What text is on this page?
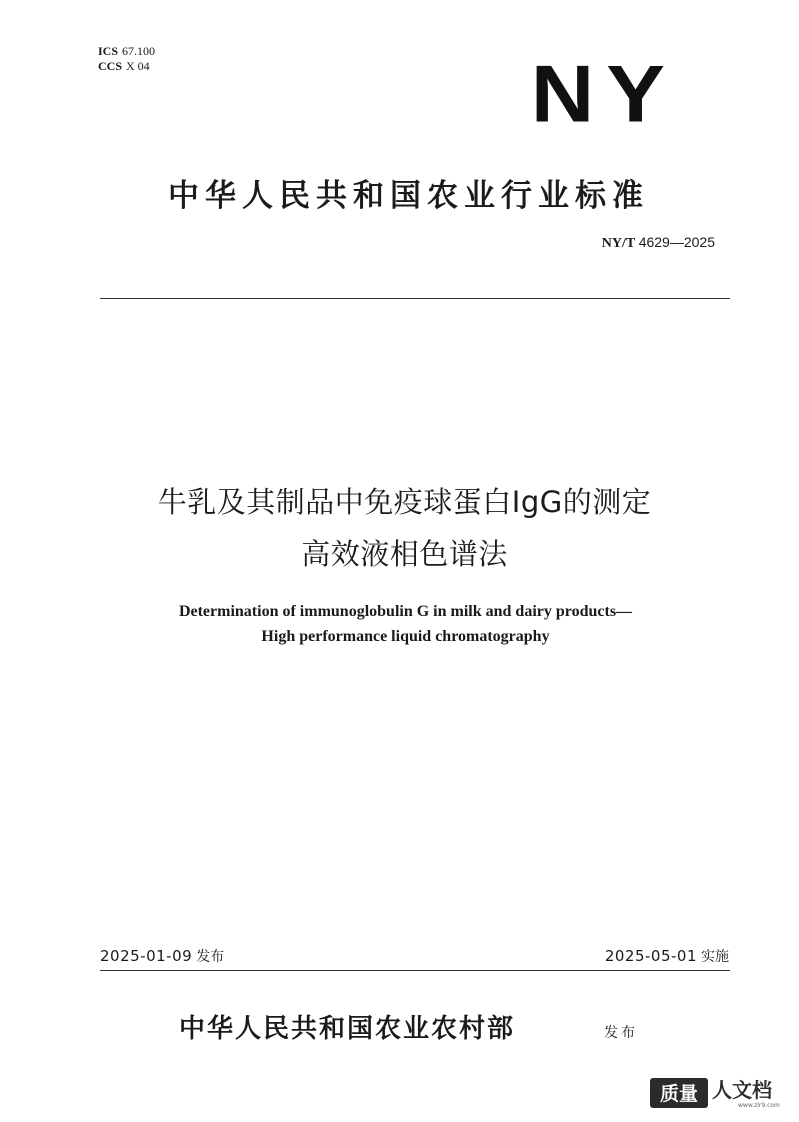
ICS 67.100
CCS X 04	NY
中华人民共和国农业行业标准
NY/T 4629—2025
牛乳及其制品中免疫球蛋白IgG的测定
高效液相色谱法
Determination of immunoglobulin G in milk and dairy products—
High performance liquid chromatography
2025-01-09 发布	2025-05-01 实施
中华人民共和国农业农村部	发布
质量 人文档
www.zlr9.com
